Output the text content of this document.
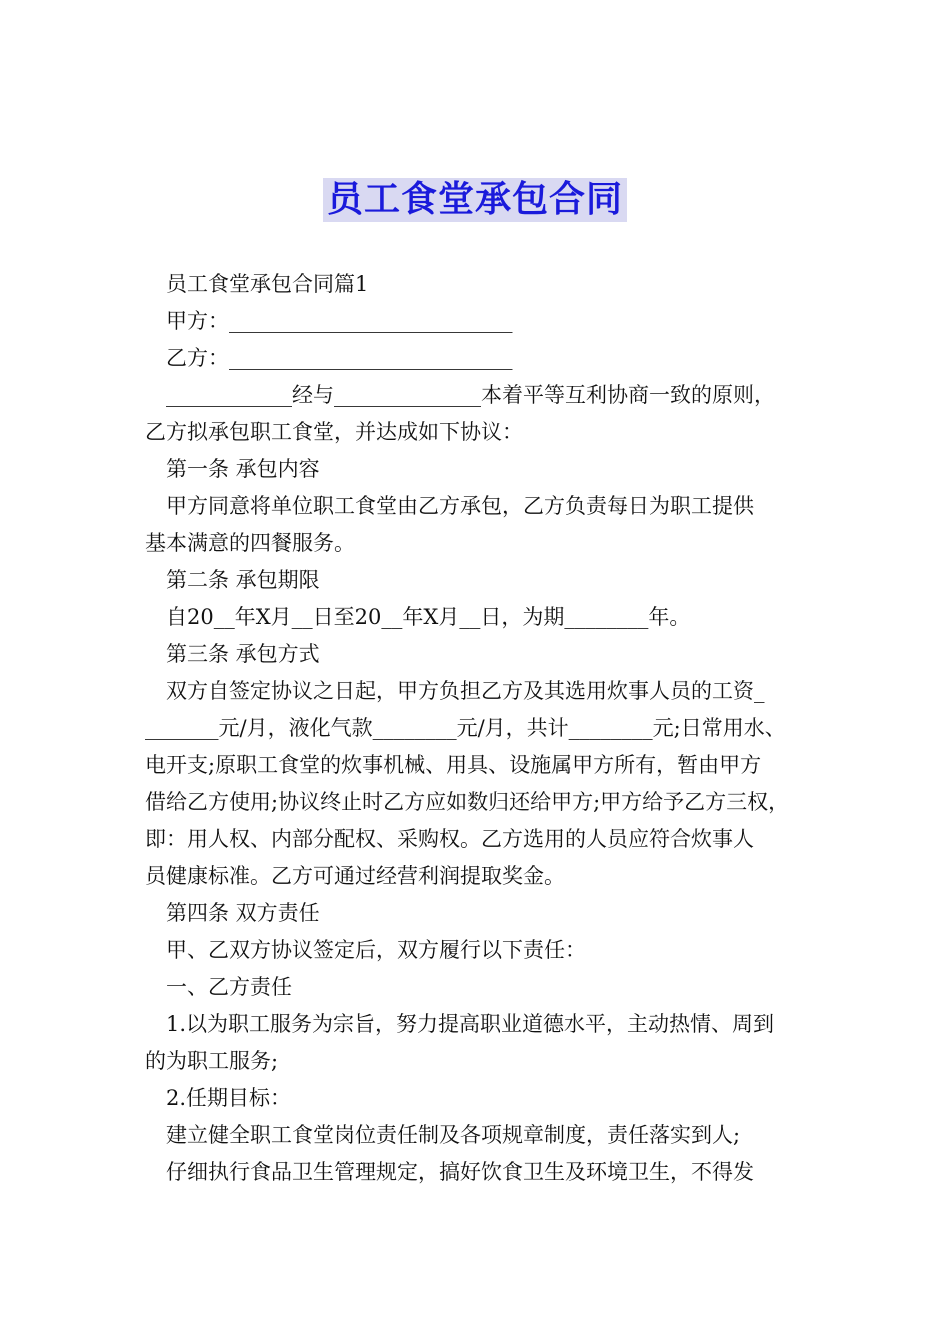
员工食堂承包合同
员工食堂承包合同篇1
甲方：___________________________
乙方：___________________________
____________经与______________本着平等互利协商一致的原则，
乙方拟承包职工食堂，并达成如下协议：
第一条 承包内容
甲方同意将单位职工食堂由乙方承包，乙方负责每日为职工提供
基本满意的四餐服务。
第二条 承包期限
自20__年X月__日至20__年X月__日，为期________年。
第三条 承包方式
双方自签定协议之日起，甲方负担乙方及其选用炊事人员的工资_
_______元/月，液化气款________元/月，共计________元;日常用水、
电开支;原职工食堂的炊事机械、用具、设施属甲方所有，暂由甲方
借给乙方使用;协议终止时乙方应如数归还给甲方;甲方给予乙方三权，
即：用人权、内部分配权、采购权。乙方选用的人员应符合炊事人
员健康标准。乙方可通过经营利润提取奖金。
第四条 双方责任
甲、乙双方协议签定后，双方履行以下责任：
一、乙方责任
1.以为职工服务为宗旨，努力提高职业道德水平，主动热情、周到
的为职工服务;
2.任期目标：
建立健全职工食堂岗位责任制及各项规章制度，责任落实到人;
仔细执行食品卫生管理规定，搞好饮食卫生及环境卫生，不得发
